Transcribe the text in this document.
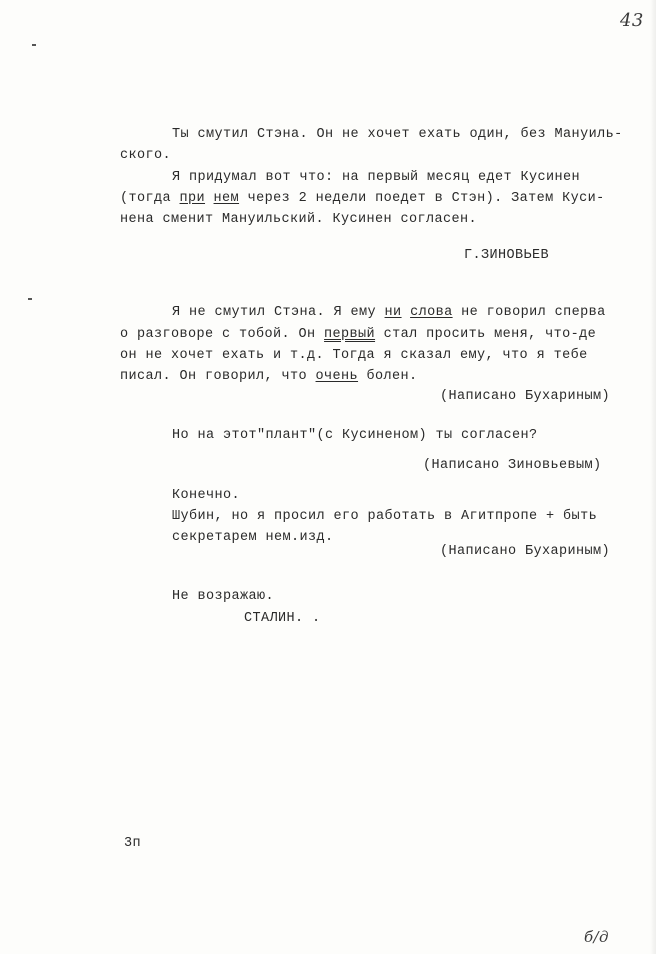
43
Ты смутил Стэна. Он не хочет ехать один, без Мануиль-
ского.
Я придумал вот что: на первый месяц едет Кусинен
(тогда при нем через 2 недели поедет в Стэн). Затем Куси-
нена сменит Мануильский. Кусинен согласен.
Г.ЗИНОВЬЕВ
Я не смутил Стэна. Я ему ни слова не говорил сперва
о разговоре с тобой. Он первый стал просить меня, что-де
он не хочет ехать и т.д. Тогда я сказал ему, что я тебе
писал. Он говорил, что очень болен.
(Написано Бухариным)
Но на этот"плант"(с Кусиненом) ты согласен?
(Написано Зиновьевым)
Конечно.
Шубин, но я просил его работать в Агитпропе + быть
секретарем нем.изд.
(Написано Бухариным)
Не возражаю.
СТАЛИН. .
3п
б/д
